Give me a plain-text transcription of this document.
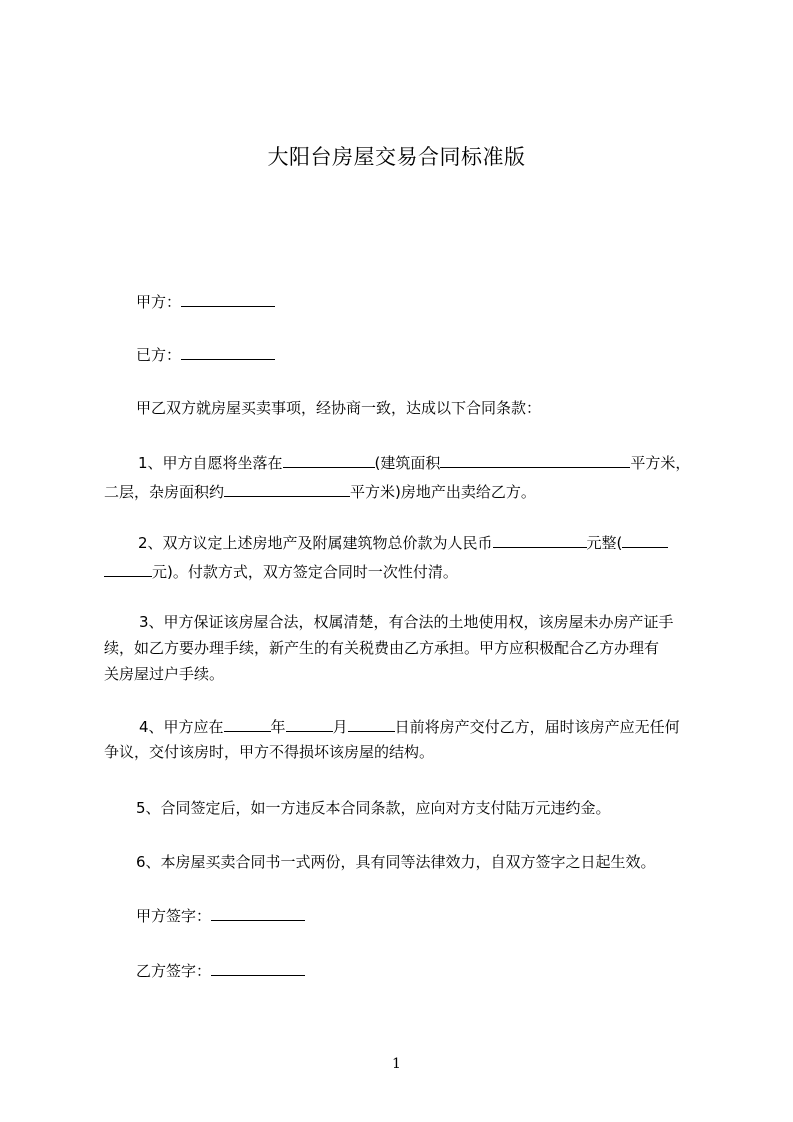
大阳台房屋交易合同标准版

甲方：

已方：

甲乙双方就房屋买卖事项，经协商一致，达成以下合同条款：

1、甲方自愿将坐落在	(建筑面积	平方米，

二层，杂房面积约	平方米)房地产出卖给乙方。

2、双方议定上述房地产及附属建筑物总价款为人民币	元整(

元)。付款方式，双方签定合同时一次性付清。

3、甲方保证该房屋合法，权属清楚，有合法的土地使用权，该房屋未办房产证手

续，如乙方要办理手续，新产生的有关税费由乙方承担。甲方应积极配合乙方办理有

关房屋过户手续。

4、甲方应在	年	月	日前将房产交付乙方，届时该房产应无任何

争议，交付该房时，甲方不得损坏该房屋的结构。

5、合同签定后，如一方违反本合同条款，应向对方支付陆万元违约金。

6、本房屋买卖合同书一式两份，具有同等法律效力，自双方签字之日起生效。

甲方签字：

乙方签字：

1
